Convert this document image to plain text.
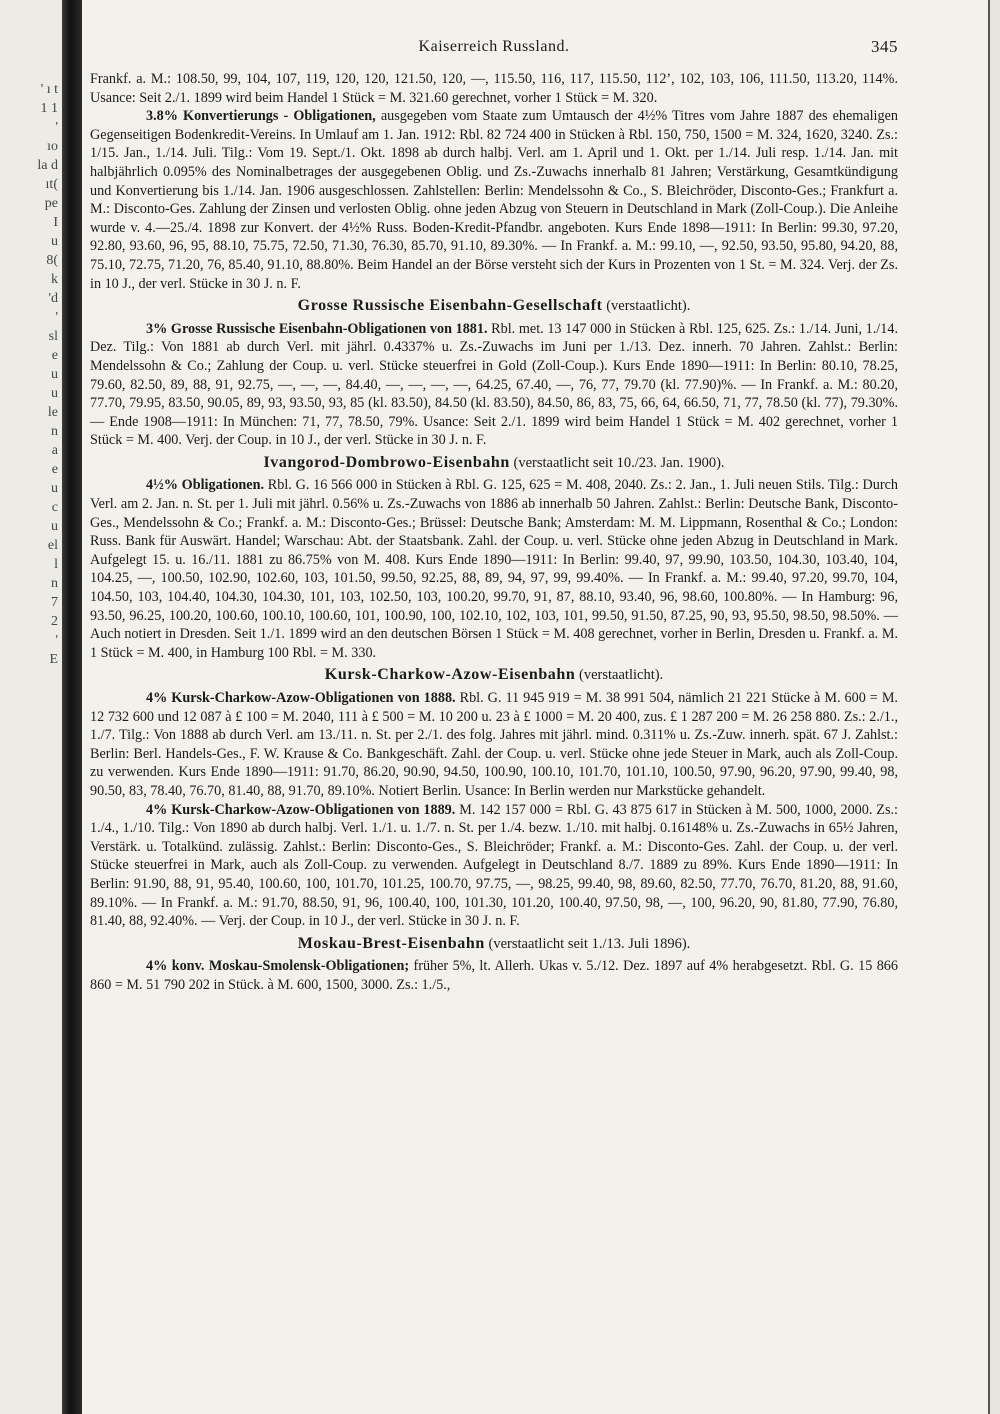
' ı t
1 1
'
ıo
la d
ıt(
pe
I
u
8(
k
'd
'
sl
e
u
u
le
n
a
e
u
c
u
el
l
n
7
2
'
E
Kaiserreich Russland.	345

Frankf. a. M.: 108.50, 99, 104, 107, 119, 120, 120, 121.50, 120, —, 115.50, 116, 117, 115.50, 112’, 102, 103, 106, 111.50, 113.20, 114%. Usance: Seit 2./1. 1899 wird beim Handel 1 Stück = M. 321.60 gerechnet, vorher 1 Stück = M. 320.

3.8% Konvertierungs - Obligationen, ausgegeben vom Staate zum Umtausch der 4½% Titres vom Jahre 1887 des ehemaligen Gegenseitigen Bodenkredit-Vereins. In Umlauf am 1. Jan. 1912: Rbl. 82 724 400 in Stücken à Rbl. 150, 750, 1500 = M. 324, 1620, 3240. Zs.: 1/15. Jan., 1./14. Juli. Tilg.: Vom 19. Sept./1. Okt. 1898 ab durch halbj. Verl. am 1. April und 1. Okt. per 1./14. Juli resp. 1./14. Jan. mit halbjährlich 0.095% des Nominalbetrages der ausgegebenen Oblig. und Zs.-Zuwachs innerhalb 81 Jahren; Verstärkung, Gesamtkündigung und Konvertierung bis 1./14. Jan. 1906 ausgeschlossen. Zahlstellen: Berlin: Mendelssohn & Co., S. Bleichröder, Disconto-Ges.; Frankfurt a. M.: Disconto-Ges. Zahlung der Zinsen und verlosten Oblig. ohne jeden Abzug von Steuern in Deutschland in Mark (Zoll-Coup.). Die Anleihe wurde v. 4.—25./4. 1898 zur Konvert. der 4½% Russ. Boden-Kredit-Pfandbr. angeboten. Kurs Ende 1898—1911: In Berlin: 99.30, 97.20, 92.80, 93.60, 96, 95, 88.10, 75.75, 72.50, 71.30, 76.30, 85.70, 91.10, 89.30%. — In Frankf. a. M.: 99.10, —, 92.50, 93.50, 95.80, 94.20, 88, 75.10, 72.75, 71.20, 76, 85.40, 91.10, 88.80%. Beim Handel an der Börse versteht sich der Kurs in Prozenten von 1 St. = M. 324. Verj. der Zs. in 10 J., der verl. Stücke in 30 J. n. F.

Grosse Russische Eisenbahn-Gesellschaft (verstaatlicht).

3% Grosse Russische Eisenbahn-Obligationen von 1881. Rbl. met. 13 147 000 in Stücken à Rbl. 125, 625. Zs.: 1./14. Juni, 1./14. Dez. Tilg.: Von 1881 ab durch Verl. mit jährl. 0.4337% u. Zs.-Zuwachs im Juni per 1./13. Dez. innerh. 70 Jahren. Zahlst.: Berlin: Mendelssohn & Co.; Zahlung der Coup. u. verl. Stücke steuerfrei in Gold (Zoll-Coup.). Kurs Ende 1890—1911: In Berlin: 80.10, 78.25, 79.60, 82.50, 89, 88, 91, 92.75, —, —, —, 84.40, —, —, —, —, 64.25, 67.40, —, 76, 77, 79.70 (kl. 77.90)%. — In Frankf. a. M.: 80.20, 77.70, 79.95, 83.50, 90.05, 89, 93, 93.50, 93, 85 (kl. 83.50), 84.50 (kl. 83.50), 84.50, 86, 83, 75, 66, 64, 66.50, 71, 77, 78.50 (kl. 77), 79.30%. — Ende 1908—1911: In München: 71, 77, 78.50, 79%. Usance: Seit 2./1. 1899 wird beim Handel 1 Stück = M. 402 gerechnet, vorher 1 Stück = M. 400. Verj. der Coup. in 10 J., der verl. Stücke in 30 J. n. F.

Ivangorod-Dombrowo-Eisenbahn (verstaatlicht seit 10./23. Jan. 1900).

4½% Obligationen. Rbl. G. 16 566 000 in Stücken à Rbl. G. 125, 625 = M. 408, 2040. Zs.: 2. Jan., 1. Juli neuen Stils. Tilg.: Durch Verl. am 2. Jan. n. St. per 1. Juli mit jährl. 0.56% u. Zs.-Zuwachs von 1886 ab innerhalb 50 Jahren. Zahlst.: Berlin: Deutsche Bank, Disconto-Ges., Mendelssohn & Co.; Frankf. a. M.: Disconto-Ges.; Brüssel: Deutsche Bank; Amsterdam: M. M. Lippmann, Rosenthal & Co.; London: Russ. Bank für Auswärt. Handel; Warschau: Abt. der Staatsbank. Zahl. der Coup. u. verl. Stücke ohne jeden Abzug in Deutschland in Mark. Aufgelegt 15. u. 16./11. 1881 zu 86.75% von M. 408. Kurs Ende 1890—1911: In Berlin: 99.40, 97, 99.90, 103.50, 104.30, 103.40, 104, 104.25, —, 100.50, 102.90, 102.60, 103, 101.50, 99.50, 92.25, 88, 89, 94, 97, 99, 99.40%. — In Frankf. a. M.: 99.40, 97.20, 99.70, 104, 104.50, 103, 104.40, 104.30, 104.30, 101, 103, 102.50, 103, 100.20, 99.70, 91, 87, 88.10, 93.40, 96, 98.60, 100.80%. — In Hamburg: 96, 93.50, 96.25, 100.20, 100.60, 100.10, 100.60, 101, 100.90, 100, 102.10, 102, 103, 101, 99.50, 91.50, 87.25, 90, 93, 95.50, 98.50, 98.50%. — Auch notiert in Dresden. Seit 1./1. 1899 wird an den deutschen Börsen 1 Stück = M. 408 gerechnet, vorher in Berlin, Dresden u. Frankf. a. M. 1 Stück = M. 400, in Hamburg 100 Rbl. = M. 330.

Kursk-Charkow-Azow-Eisenbahn (verstaatlicht).

4% Kursk-Charkow-Azow-Obligationen von 1888. Rbl. G. 11 945 919 = M. 38 991 504, nämlich 21 221 Stücke à M. 600 = M. 12 732 600 und 12 087 à £ 100 = M. 2040, 111 à £ 500 = M. 10 200 u. 23 à £ 1000 = M. 20 400, zus. £ 1 287 200 = M. 26 258 880. Zs.: 2./1., 1./7. Tilg.: Von 1888 ab durch Verl. am 13./11. n. St. per 2./1. des folg. Jahres mit jährl. mind. 0.311% u. Zs.-Zuw. innerh. spät. 67 J. Zahlst.: Berlin: Berl. Handels-Ges., F. W. Krause & Co. Bankgeschäft. Zahl. der Coup. u. verl. Stücke ohne jede Steuer in Mark, auch als Zoll-Coup. zu verwenden. Kurs Ende 1890—1911: 91.70, 86.20, 90.90, 94.50, 100.90, 100.10, 101.70, 101.10, 100.50, 97.90, 96.20, 97.90, 99.40, 98, 90.50, 83, 78.40, 76.70, 81.40, 88, 91.70, 89.10%. Notiert Berlin. Usance: In Berlin werden nur Markstücke gehandelt.

4% Kursk-Charkow-Azow-Obligationen von 1889. M. 142 157 000 = Rbl. G. 43 875 617 in Stücken à M. 500, 1000, 2000. Zs.: 1./4., 1./10. Tilg.: Von 1890 ab durch halbj. Verl. 1./1. u. 1./7. n. St. per 1./4. bezw. 1./10. mit halbj. 0.16148% u. Zs.-Zuwachs in 65½ Jahren, Verstärk. u. Totalkünd. zulässig. Zahlst.: Berlin: Disconto-Ges., S. Bleichröder; Frankf. a. M.: Disconto-Ges. Zahl. der Coup. u. der verl. Stücke steuerfrei in Mark, auch als Zoll-Coup. zu verwenden. Aufgelegt in Deutschland 8./7. 1889 zu 89%. Kurs Ende 1890—1911: In Berlin: 91.90, 88, 91, 95.40, 100.60, 100, 101.70, 101.25, 100.70, 97.75, —, 98.25, 99.40, 98, 89.60, 82.50, 77.70, 76.70, 81.20, 88, 91.60, 89.10%. — In Frankf. a. M.: 91.70, 88.50, 91, 96, 100.40, 100, 101.30, 101.20, 100.40, 97.50, 98, —, 100, 96.20, 90, 81.80, 77.90, 76.80, 81.40, 88, 92.40%. — Verj. der Coup. in 10 J., der verl. Stücke in 30 J. n. F.

Moskau-Brest-Eisenbahn (verstaatlicht seit 1./13. Juli 1896).

4% konv. Moskau-Smolensk-Obligationen; früher 5%, lt. Allerh. Ukas v. 5./12. Dez. 1897 auf 4% herabgesetzt. Rbl. G. 15 866 860 = M. 51 790 202 in Stück. à M. 600, 1500, 3000. Zs.: 1./5.,
